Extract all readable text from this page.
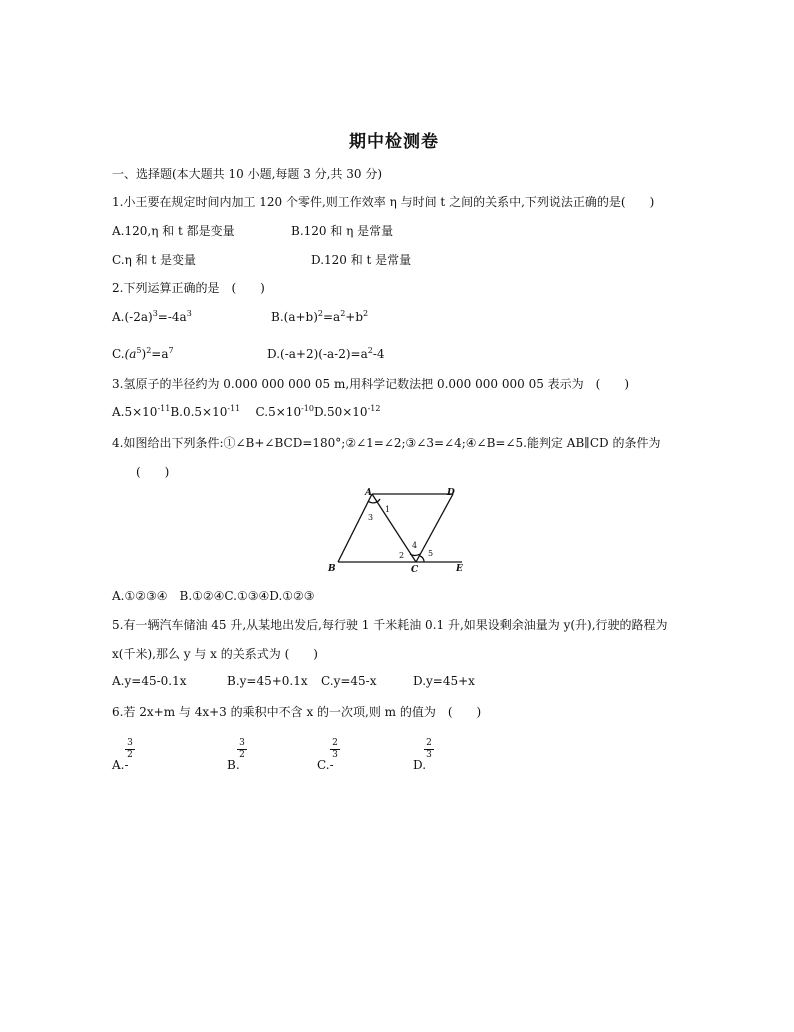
期中检测卷
一、选择题(本大题共 10 小题,每题 3 分,共 30 分)
1.小王要在规定时间内加工 120 个零件,则工作效率 η 与时间 t 之间的关系中,下列说法正确的是(　　)
A.120,η 和 t 都是变量	B.120 和 η 是常量
C.η 和 t 是变量	D.120 和 t 是常量
2.下列运算正确的是　(　　)
$A.(-2a)^3=-4a^3$	$B.(a+b)^2=a^2+b^2$
$C.(a^5)^2=a^7$	$D.(-a+2)(-a-2)=a^2-4$
3.氢原子的半径约为 0.000 000 000 05 m,用科学记数法把 0.000 000 000 05 表示为　(　　)
$A.5\times 10^{-11}B.0.5\times 10^{-11}$ $C.5\times 10^{-10}D.50\times 10^{-12}$
4.如图给出下列条件:①∠B+∠BCD=180°;②∠1=∠2;③∠3=∠4;④∠B=∠5.能判定 AB∥CD 的条件为
(　　)
A	D
B	C	E
1
2
3
4
5
A.①②③④　B.①②④C.①③④D.①②③
5.有一辆汽车储油 45 升,从某地出发后,每行驶 1 千米耗油 0.1 升,如果设剩余油量为 y(升),行驶的路程为
x(千米),那么 y 与 x 的关系式为 (　　)
A.y=45-0.1x	B.y=45+0.1x C.y=45-x	D.y=45+x
6.若 2x+m 与 4x+3 的乘积中不含 x 的一次项,则 m 的值为　(　　)
A.-
3
2
B.
3
2
C.-
2
3
D.
2
3
